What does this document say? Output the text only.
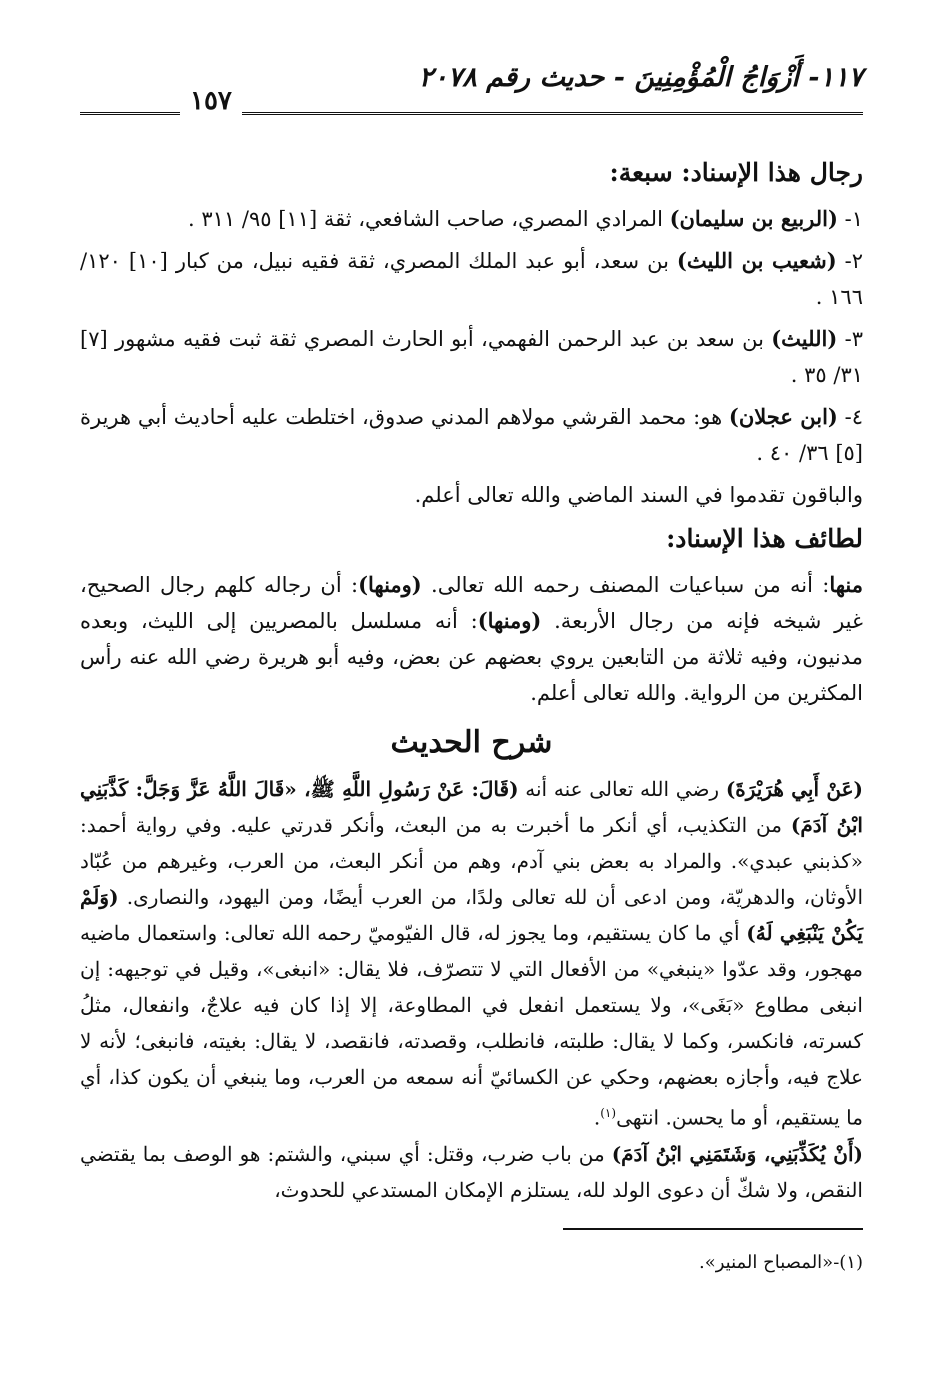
١١٧- أَزْوَاجُ الْمُؤْمِنِينَ - حديث رقم ٢٠٧٨
١٥٧
رجال هذا الإسناد: سبعة:

١- (الربيع بن سليمان) المرادي المصري، صاحب الشافعي، ثقة [١١] ٩٥/ ٣١١ .

٢- (شعيب بن الليث) بن سعد، أبو عبد الملك المصري، ثقة فقيه نبيل، من كبار [١٠] ١٢٠/ ١٦٦ .

٣- (الليث) بن سعد بن عبد الرحمن الفهمي، أبو الحارث المصري ثقة ثبت فقيه مشهور [٧] ٣١/ ٣٥ .

٤- (ابن عجلان) هو: محمد القرشي مولاهم المدني صدوق، اختلطت عليه أحاديث أبي هريرة [٥] ٣٦/ ٤٠ .

والباقون تقدموا في السند الماضي والله تعالى أعلم.

لطائف هذا الإسناد:

منها: أنه من سباعيات المصنف رحمه الله تعالى. (ومنها): أن رجاله كلهم رجال الصحيح، غير شيخه فإنه من رجال الأربعة. (ومنها): أنه مسلسل بالمصريين إلى الليث، وبعده مدنيون، وفيه ثلاثة من التابعين يروي بعضهم عن بعض، وفيه أبو هريرة رضي الله عنه رأس المكثرين من الرواية. والله تعالى أعلم.

شرح الحديث

(عَنْ أَبِي هُرَيْرَةَ) رضي الله تعالى عنه أنه (قَالَ: عَنْ رَسُولِ اللَّهِ ﷺ، «قَالَ اللَّهُ عَزَّ وَجَلَّ: كَذَّبَنِي ابْنُ آدَمَ) من التكذيب، أي أنكر ما أخبرت به من البعث، وأنكر قدرتي عليه. وفي رواية أحمد: «كذبني عبدي». والمراد به بعض بني آدم، وهم من أنكر البعث، من العرب، وغيرهم من عُبّاد الأوثان، والدهريّة، ومن ادعى أن لله تعالى ولدًا، من العرب أيضًا، ومن اليهود، والنصارى. (وَلَمْ يَكُنْ يَنْبَغِي لَهُ) أي ما كان يستقيم، وما يجوز له، قال الفيّوميّ رحمه الله تعالى: واستعمال ماضيه مهجور، وقد عدّوا «ينبغي» من الأفعال التي لا تتصرّف، فلا يقال: «انبغى»، وقيل في توجيهه: إن انبغى مطاوع «بَغَى»، ولا يستعمل انفعل في المطاوعة، إلا إذا كان فيه علاجٌ، وانفعال، مثلُ كسرته، فانكسر، وكما لا يقال: طلبته، فانطلب، وقصدته، فانقصد، لا يقال: بغيته، فانبغى؛ لأنه لا علاج فيه، وأجازه بعضهم، وحكي عن الكسائيّ أنه سمعه من العرب، وما ينبغي أن يكون كذا، أي ما يستقيم، أو ما يحسن. انتهى$^{(١)}$.

(أَنْ يُكَذِّبَنِي، وَشَتَمَنِي ابْنُ آدَمَ) من باب ضرب، وقتل: أي سبني، والشتم: هو الوصف بما يقتضي النقص، ولا شكّ أن دعوى الولد لله، يستلزم الإمكان المستدعي للحدوث،

(١)-«المصباح المنير».
